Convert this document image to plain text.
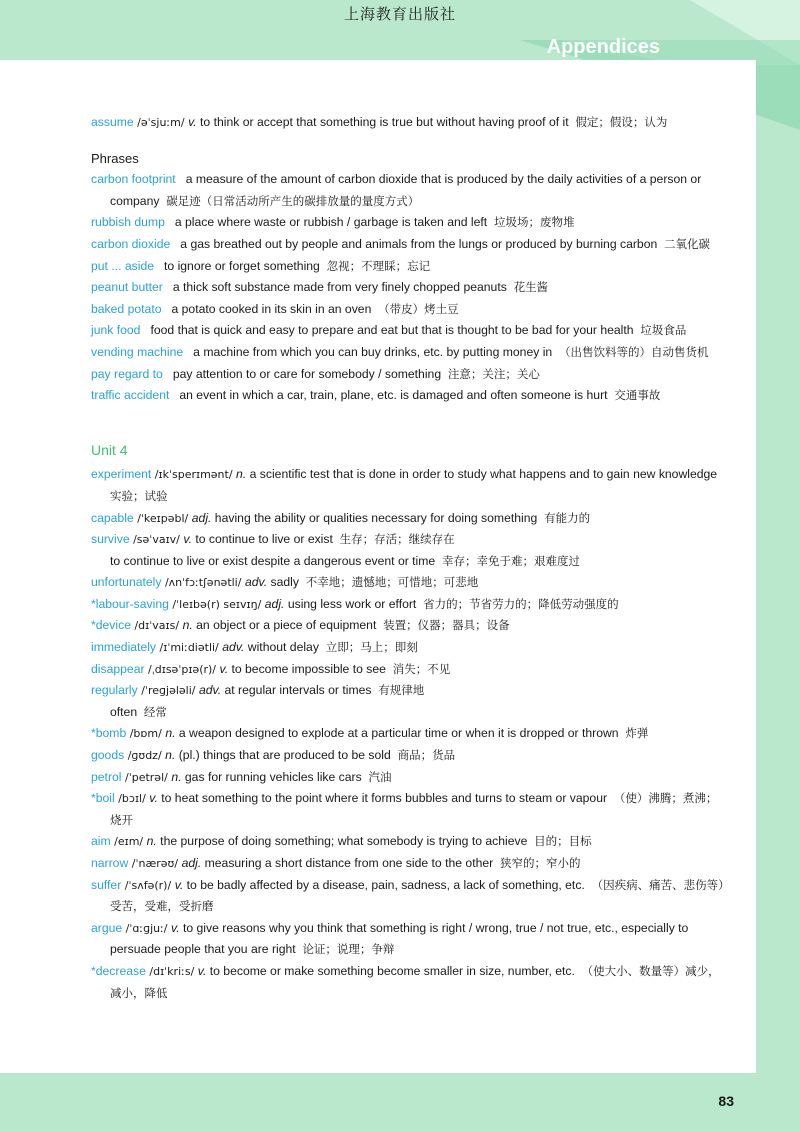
上海教育出版社
Appendices
assume /əˈsjuːm/ v. to think or accept that something is true but without having proof of it 假定；假设；认为
Phrases
carbon footprint a measure of the amount of carbon dioxide that is produced by the daily activities of a person or company 碳足迹（日常活动所产生的碳排放量的量度方式）
rubbish dump a place where waste or rubbish / garbage is taken and left 垃圾场；废物堆
carbon dioxide a gas breathed out by people and animals from the lungs or produced by burning carbon 二氧化碳
put ... aside to ignore or forget something 忽视；不理睬；忘记
peanut butter a thick soft substance made from very finely chopped peanuts 花生酱
baked potato a potato cooked in its skin in an oven （带皮）烤土豆
junk food food that is quick and easy to prepare and eat but that is thought to be bad for your health 垃圾食品
vending machine a machine from which you can buy drinks, etc. by putting money in （出售饮料等的）自动售货机
pay regard to pay attention to or care for somebody / something 注意；关注；关心
traffic accident an event in which a car, train, plane, etc. is damaged and often someone is hurt 交通事故
Unit 4
experiment /ɪkˈsperɪmənt/ n. a scientific test that is done in order to study what happens and to gain new knowledge  实验；试验
capable /ˈkeɪpəbl/ adj. having the ability or qualities necessary for doing something 有能力的
survive /səˈvaɪv/ v. to continue to live or exist 生存；存活；继续存在
to continue to live or exist despite a dangerous event or time 幸存；幸免于难；艰难度过
unfortunately /ʌnˈfɔːtʃənətli/ adv. sadly 不幸地；遗憾地；可惜地；可悲地
*labour-saving /ˈleɪbə(r) seɪvɪŋ/ adj. using less work or effort 省力的；节省劳力的；降低劳动强度的
*device /dɪˈvaɪs/ n. an object or a piece of equipment 装置；仪器；器具；设备
immediately /ɪˈmiːdiətli/ adv. without delay 立即；马上；即刻
disappear /ˌdɪsəˈpɪə(r)/ v. to become impossible to see 消失；不见
regularly /ˈreɡjələli/ adv. at regular intervals or times 有规律地
often 经常
*bomb /bɒm/ n. a weapon designed to explode at a particular time or when it is dropped or thrown 炸弹
goods /ɡʊdz/ n. (pl.) things that are produced to be sold 商品；货品
petrol /ˈpetrəl/ n. gas for running vehicles like cars 汽油
*boil /bɔɪl/ v. to heat something to the point where it forms bubbles and turns to steam or vapour （使）沸腾；煮沸；烧开
aim /eɪm/ n. the purpose of doing something; what somebody is trying to achieve 目的；目标
narrow /ˈnærəʊ/ adj. measuring a short distance from one side to the other 狭窄的；窄小的
suffer /ˈsʌfə(r)/ v. to be badly affected by a disease, pain, sadness, a lack of something, etc. （因疾病、痛苦、悲伤等）受苦，受难，受折磨
argue /ˈɑːɡjuː/ v. to give reasons why you think that something is right / wrong, true / not true, etc., especially to persuade people that you are right 论证；说理；争辩
*decrease /dɪˈkriːs/ v. to become or make something become smaller in size, number, etc. （使大小、数量等）减少，减小，降低
83
